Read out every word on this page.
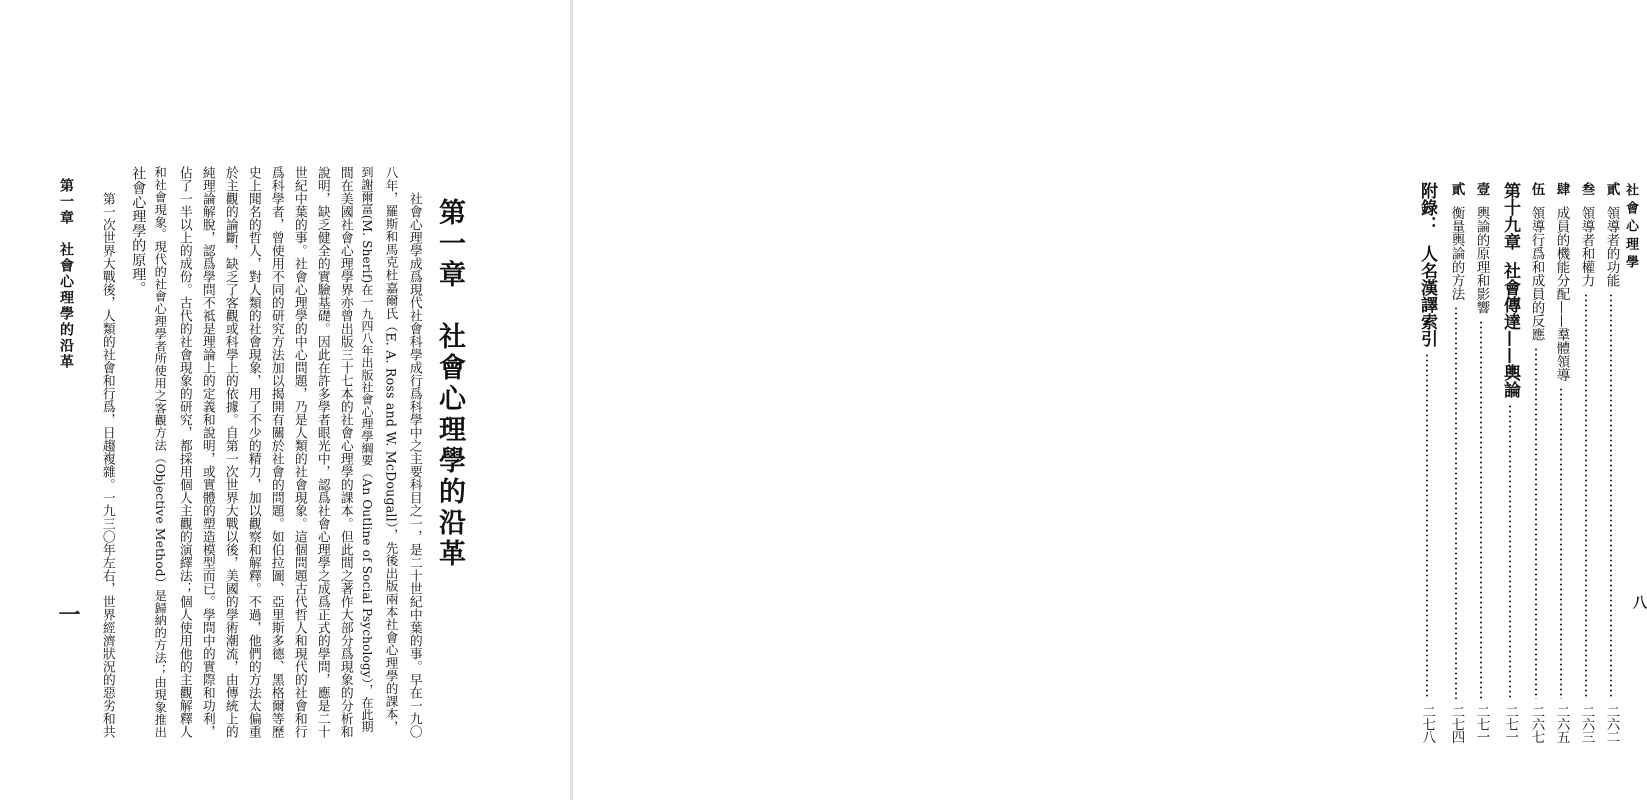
第一章　社會心理學的沿革
一
第一章　社會心理學的沿革
　　社會心理學成爲現代社會科學成行爲科學中之主要科目之一，是二十世紀中葉的事。早在一九〇
八年，羅斯和馬克杜嘉爾氏（E. A. Ross and W. McDougall），先後出版兩本社會心理學的課本，
到謝爾富(M. Sherif)在一九四八年出版社會心理學綱要（An Outline of Social Psychology），在此期
間在美國社會心理學界亦曾出版三十七本的社會心理學的課本。但此間之著作大部分爲現象的分析和
說明，缺乏健全的實驗基礎。因此在許多學者眼光中，認爲社會心理學之成爲正式的學問，應是二十
世紀中葉的事。社會心理學的中心問題，乃是人類的社會現象。這個問題古代哲人和現代的社會和行
爲科學者，曾使用不同的研究方法加以揭開有關於社會的問題。如伯拉圖、亞里斯多德、黑格爾等歷
史上聞名的哲人，對人類的社會現象，用了不少的精力，加以觀察和解釋。不過，他們的方法太偏重
於主觀的論斷，缺乏了客觀或科學上的依據。自第一次世界大戰以後，美國的學術潮流，由傳統上的
純理論解脫，認爲學問不祗是理論上的定義和說明，或實體的塑造模型而已。學問中的實際和功利，
佔了一半以上的成份。古代的社會現象的研究，都採用個人主觀的演繹法；個人使用他的主觀解釋人
和社會現象。現代的社會心理學者所使用之客觀方法（Objective Method）是歸納的方法；由現象推出
社會心理學的原理。
　　第一次世界大戰後，人類的社會和行爲，日趨複雜。一九三〇年左右，世界經濟狀況的惡劣和共	社會心理學
八
貳
領導者的功能
二六二
叁
領導者和權力
二六三
肆
成員的機能分配——羣體領導
二六五
伍
領導行爲和成員的反應
二六七
第十九章
社會傳達——輿論
二七一
壹
輿論的原理和影響
二七一
貳
衡量輿論的方法
二七四
附錄：
人名漢譯索引
二七八
